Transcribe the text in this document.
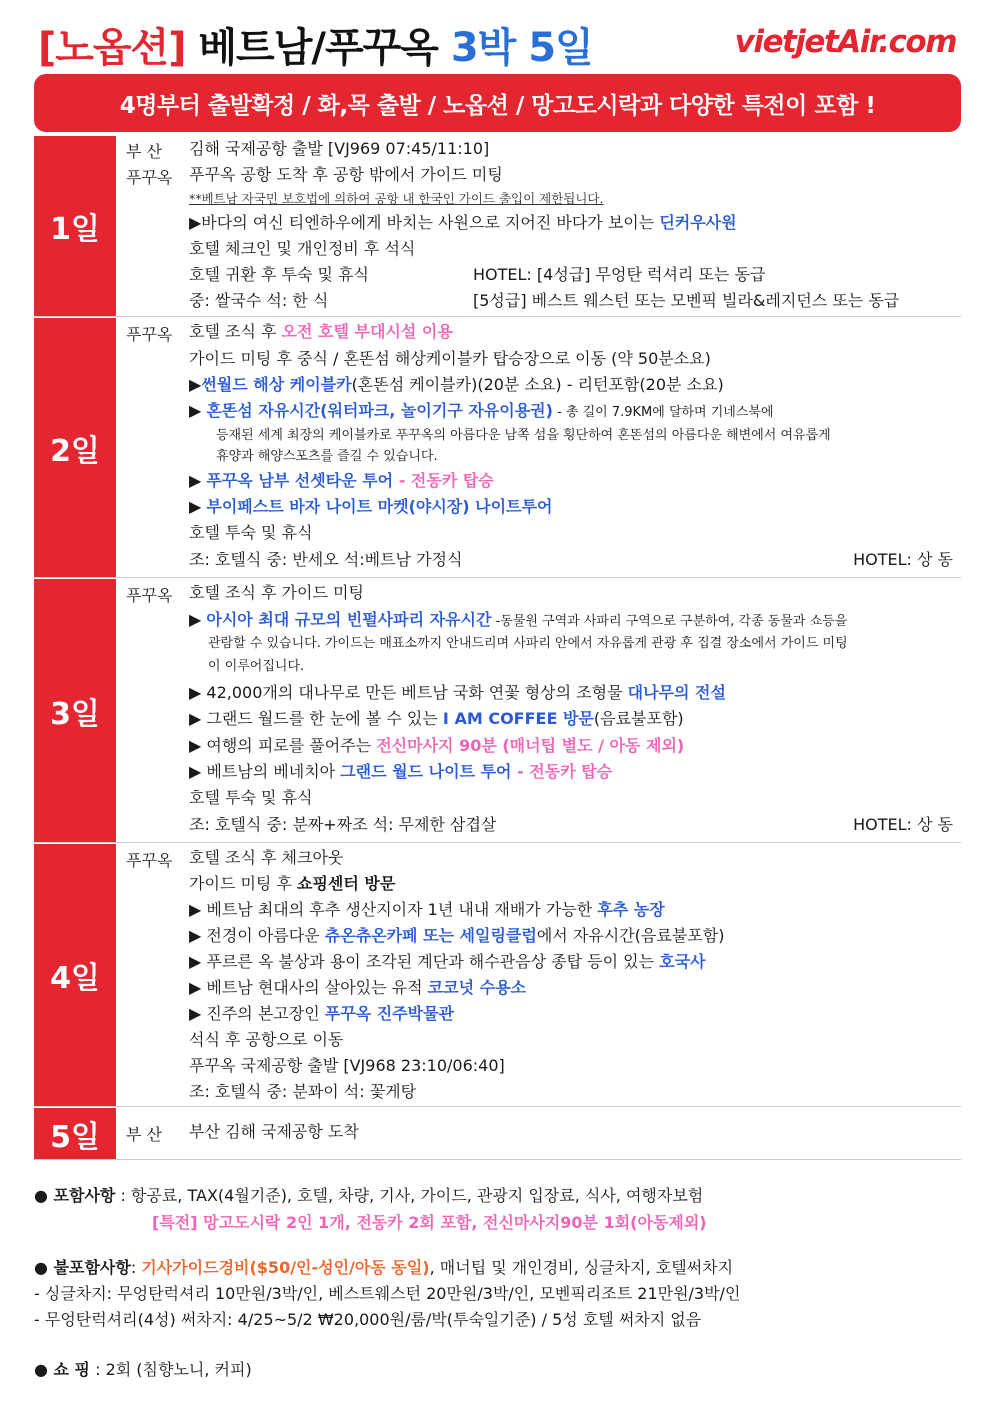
[노옵션] 베트남/푸꾸옥 3박 5일	vietjetAir.com
4명부터 출발확정 / 화,목 출발 / 노옵션 / 망고도시락과 다양한 특전이 포함 !
1일
부 산	김해 국제공항 출발 [VJ969 07:45/11:10]
푸꾸옥	푸꾸옥 공항 도착 후 공항 밖에서 가이드 미팅
**베트남 자국민 보호법에 의하여 공항 내 한국인 가이드 출입이 제한됩니다.
▶바다의 여신 티엔하우에게 바치는 사원으로 지어진 바다가 보이는 딘커우사원
호텔 체크인 및 개인정비 후 석식
호텔 귀환 후 투숙 및 휴식	HOTEL: [4성급] 무엉탄 럭셔리 또는 동급
중: 쌀국수 석: 한 식	[5성급] 베스트 웨스턴 또는 모벤픽 빌라&레지던스 또는 동급
2일
푸꾸옥	호텔 조식 후 오전 호텔 부대시설 이용
가이드 미팅 후 중식 / 혼똔섬 해상케이블카 탑승장으로 이동 (약 50분소요)
▶썬월드 해상 케이블카(혼똔섬 케이블카)(20분 소요) - 리턴포함(20분 소요)
▶ 혼똔섬 자유시간(워터파크, 놀이기구 자유이용권) - 총 길이 7.9KM에 달하며 기네스북에
등재된 세계 최장의 케이블카로 푸꾸옥의 아름다운 남쪽 섬을 횡단하여 혼똔섬의 아름다운 해변에서 여유롭게
휴양과 해양스포츠를 즐길 수 있습니다.
▶ 푸꾸옥 남부 선셋타운 투어 - 전동카 탑승
▶ 부이페스트 바자 나이트 마켓(야시장) 나이트투어
호텔 투숙 및 휴식
조: 호텔식 중: 반세오 석:베트남 가정식	HOTEL: 상 동
3일
푸꾸옥	호텔 조식 후 가이드 미팅
▶ 아시아 최대 규모의 빈펄사파리 자유시간 -동물원 구역과 사파리 구역으로 구분하여, 각종 동물과 쇼등을
관람할 수 있습니다. 가이드는 매표소까지 안내드리며 사파리 안에서 자유롭게 관광 후 집결 장소에서 가이드 미팅
이 이루어집니다.
▶ 42,000개의 대나무로 만든 베트남 국화 연꽃 형상의 조형물 대나무의 전설
▶ 그랜드 월드를 한 눈에 볼 수 있는 I AM COFFEE 방문(음료불포함)
▶ 여행의 피로를 풀어주는 전신마사지 90분 (매너팁 별도 / 아동 제외)
▶ 베트남의 베네치아 그랜드 월드 나이트 투어 - 전동카 탑승
호텔 투숙 및 휴식
조: 호텔식 중: 분짜+짜조 석: 무제한 삼겹살	HOTEL: 상 동
4일
푸꾸옥	호텔 조식 후 체크아웃
가이드 미팅 후 쇼핑센터 방문
▶ 베트남 최대의 후추 생산지이자 1년 내내 재배가 가능한 후추 농장
▶ 전경이 아름다운 츄온츄온카페 또는 세일링클럽에서 자유시간(음료불포함)
▶ 푸르른 옥 불상과 용이 조각된 계단과 해수관음상 종탑 등이 있는 호국사
▶ 베트남 현대사의 살아있는 유적 코코넛 수용소
▶ 진주의 본고장인 푸꾸옥 진주박물관
석식 후 공항으로 이동
푸꾸옥 국제공항 출발 [VJ968 23:10/06:40]
조: 호텔식 중: 분꽈이 석: 꽃게탕
5일	부 산	부산 김해 국제공항 도착
● 포함사항 : 항공료, TAX(4월기준), 호텔, 차량, 기사, 가이드, 관광지 입장료, 식사, 여행자보험
[특전] 망고도시락 2인 1개, 전동카 2회 포함, 전신마사지90분 1회(아동제외)
● 불포함사항: 기사가이드경비($50/인-성인/아동 동일), 매너팁 및 개인경비, 싱글차지, 호텔써차지
- 싱글차지: 무엉탄럭셔리 10만원/3박/인, 베스트웨스턴 20만원/3박/인, 모벤픽리조트 21만원/3박/인
- 무엉탄럭셔리(4성) 써차지: 4/25~5/2 ₩20,000원/룸/박(투숙일기준) / 5성 호텔 써차지 없음
● 쇼 핑 : 2회 (침향노니, 커피)
